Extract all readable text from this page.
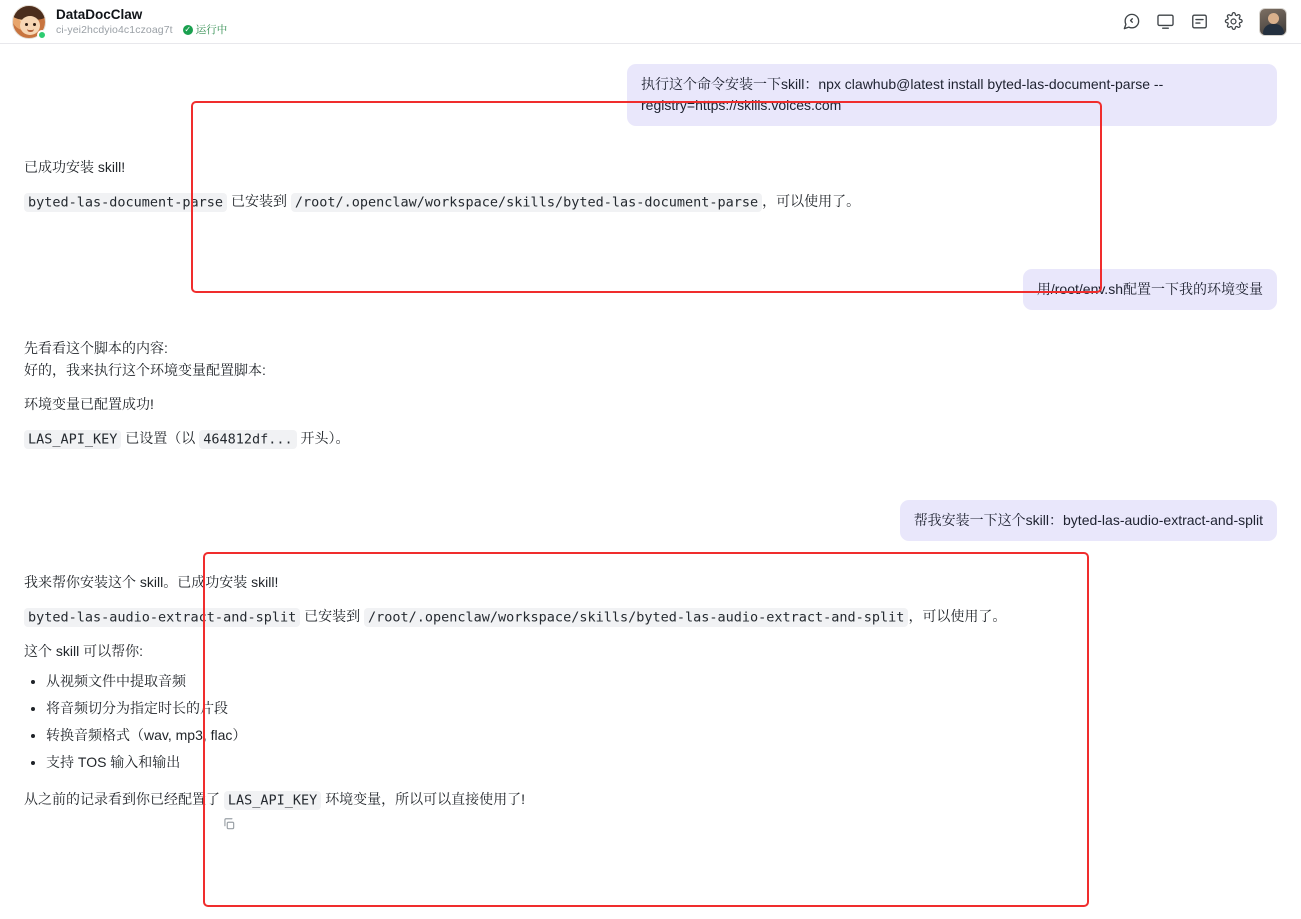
DataDocClaw
ci-yei2hcdyio4c1czoag7t ✓ 运行中
执行这个命令安装一下skill：npx clawhub@latest install byted-las-document-parse --registry=https://skills.volces.com

已成功安装 skill!

byted-las-document-parse 已安装到 /root/.openclaw/workspace/skills/byted-las-document-parse ，可以使用了。

用/root/env.sh配置一下我的环境变量

先看看这个脚本的内容:

好的，我来执行这个环境变量配置脚本:

环境变量已配置成功!

LAS_API_KEY 已设置（以 464812df... 开头）。

帮我安装一下这个skill：byted-las-audio-extract-and-split

我来帮你安装这个 skill。已成功安装 skill!

byted-las-audio-extract-and-split 已安装到 /root/.openclaw/workspace/skills/byted-las-audio-extract-and-split ，可以使用了。

这个 skill 可以帮你:

• 从视频文件中提取音频
• 将音频切分为指定时长的片段
• 转换音频格式（wav, mp3, flac）
• 支持 TOS 输入和输出

从之前的记录看到你已经配置了 LAS_API_KEY 环境变量，所以可以直接使用了!
